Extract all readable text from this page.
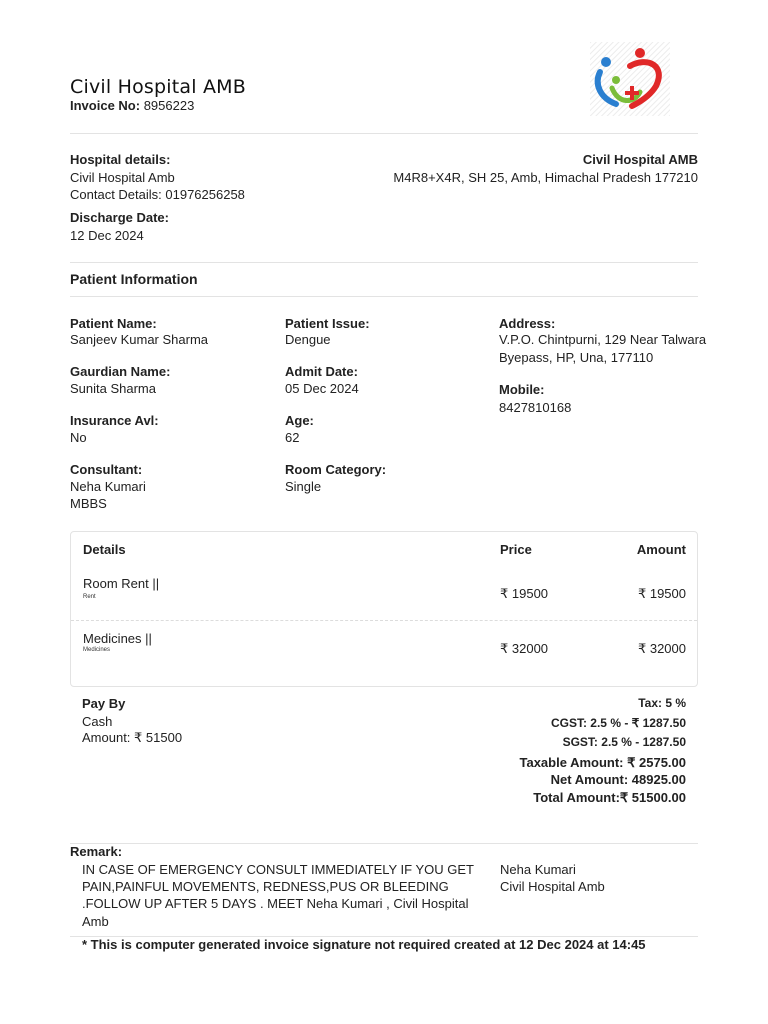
Civil Hospital AMB
Invoice No: 8956223
Hospital details:
Civil Hospital Amb
Contact Details: 01976256258
Discharge Date:
12 Dec 2024
Civil Hospital AMB
M4R8+X4R, SH 25, Amb, Himachal Pradesh 177210
Patient Information
Patient Name:
Sanjeev Kumar Sharma
Gaurdian Name:
Sunita Sharma
Insurance Avl:
No
Consultant:
Neha Kumari
MBBS
Patient Issue:
Dengue
Admit Date:
05 Dec 2024
Age:
62
Room Category:
Single
Address:
V.P.O. Chintpurni, 129 Near Talwara
Byepass, HP, Una, 177110
Mobile:
8427810168
Details	Price	Amount
Room Rent ||
Rent	₹ 19500	₹ 19500
Medicines ||
Medicines	₹ 32000	₹ 32000
Pay By
Cash
Amount: ₹ 51500
Tax: 5 %
CGST: 2.5 % - ₹ 1287.50
SGST: 2.5 % - 1287.50
Taxable Amount: ₹ 2575.00
Net Amount: 48925.00
Total Amount:₹ 51500.00
Remark:
IN CASE OF EMERGENCY CONSULT IMMEDIATELY IF YOU GET
PAIN,PAINFUL MOVEMENTS, REDNESS,PUS OR BLEEDING
.FOLLOW UP AFTER 5 DAYS . MEET Neha Kumari , Civil Hospital
Amb
Neha Kumari
Civil Hospital Amb
* This is computer generated invoice signature not required created at 12 Dec 2024 at 14:45
